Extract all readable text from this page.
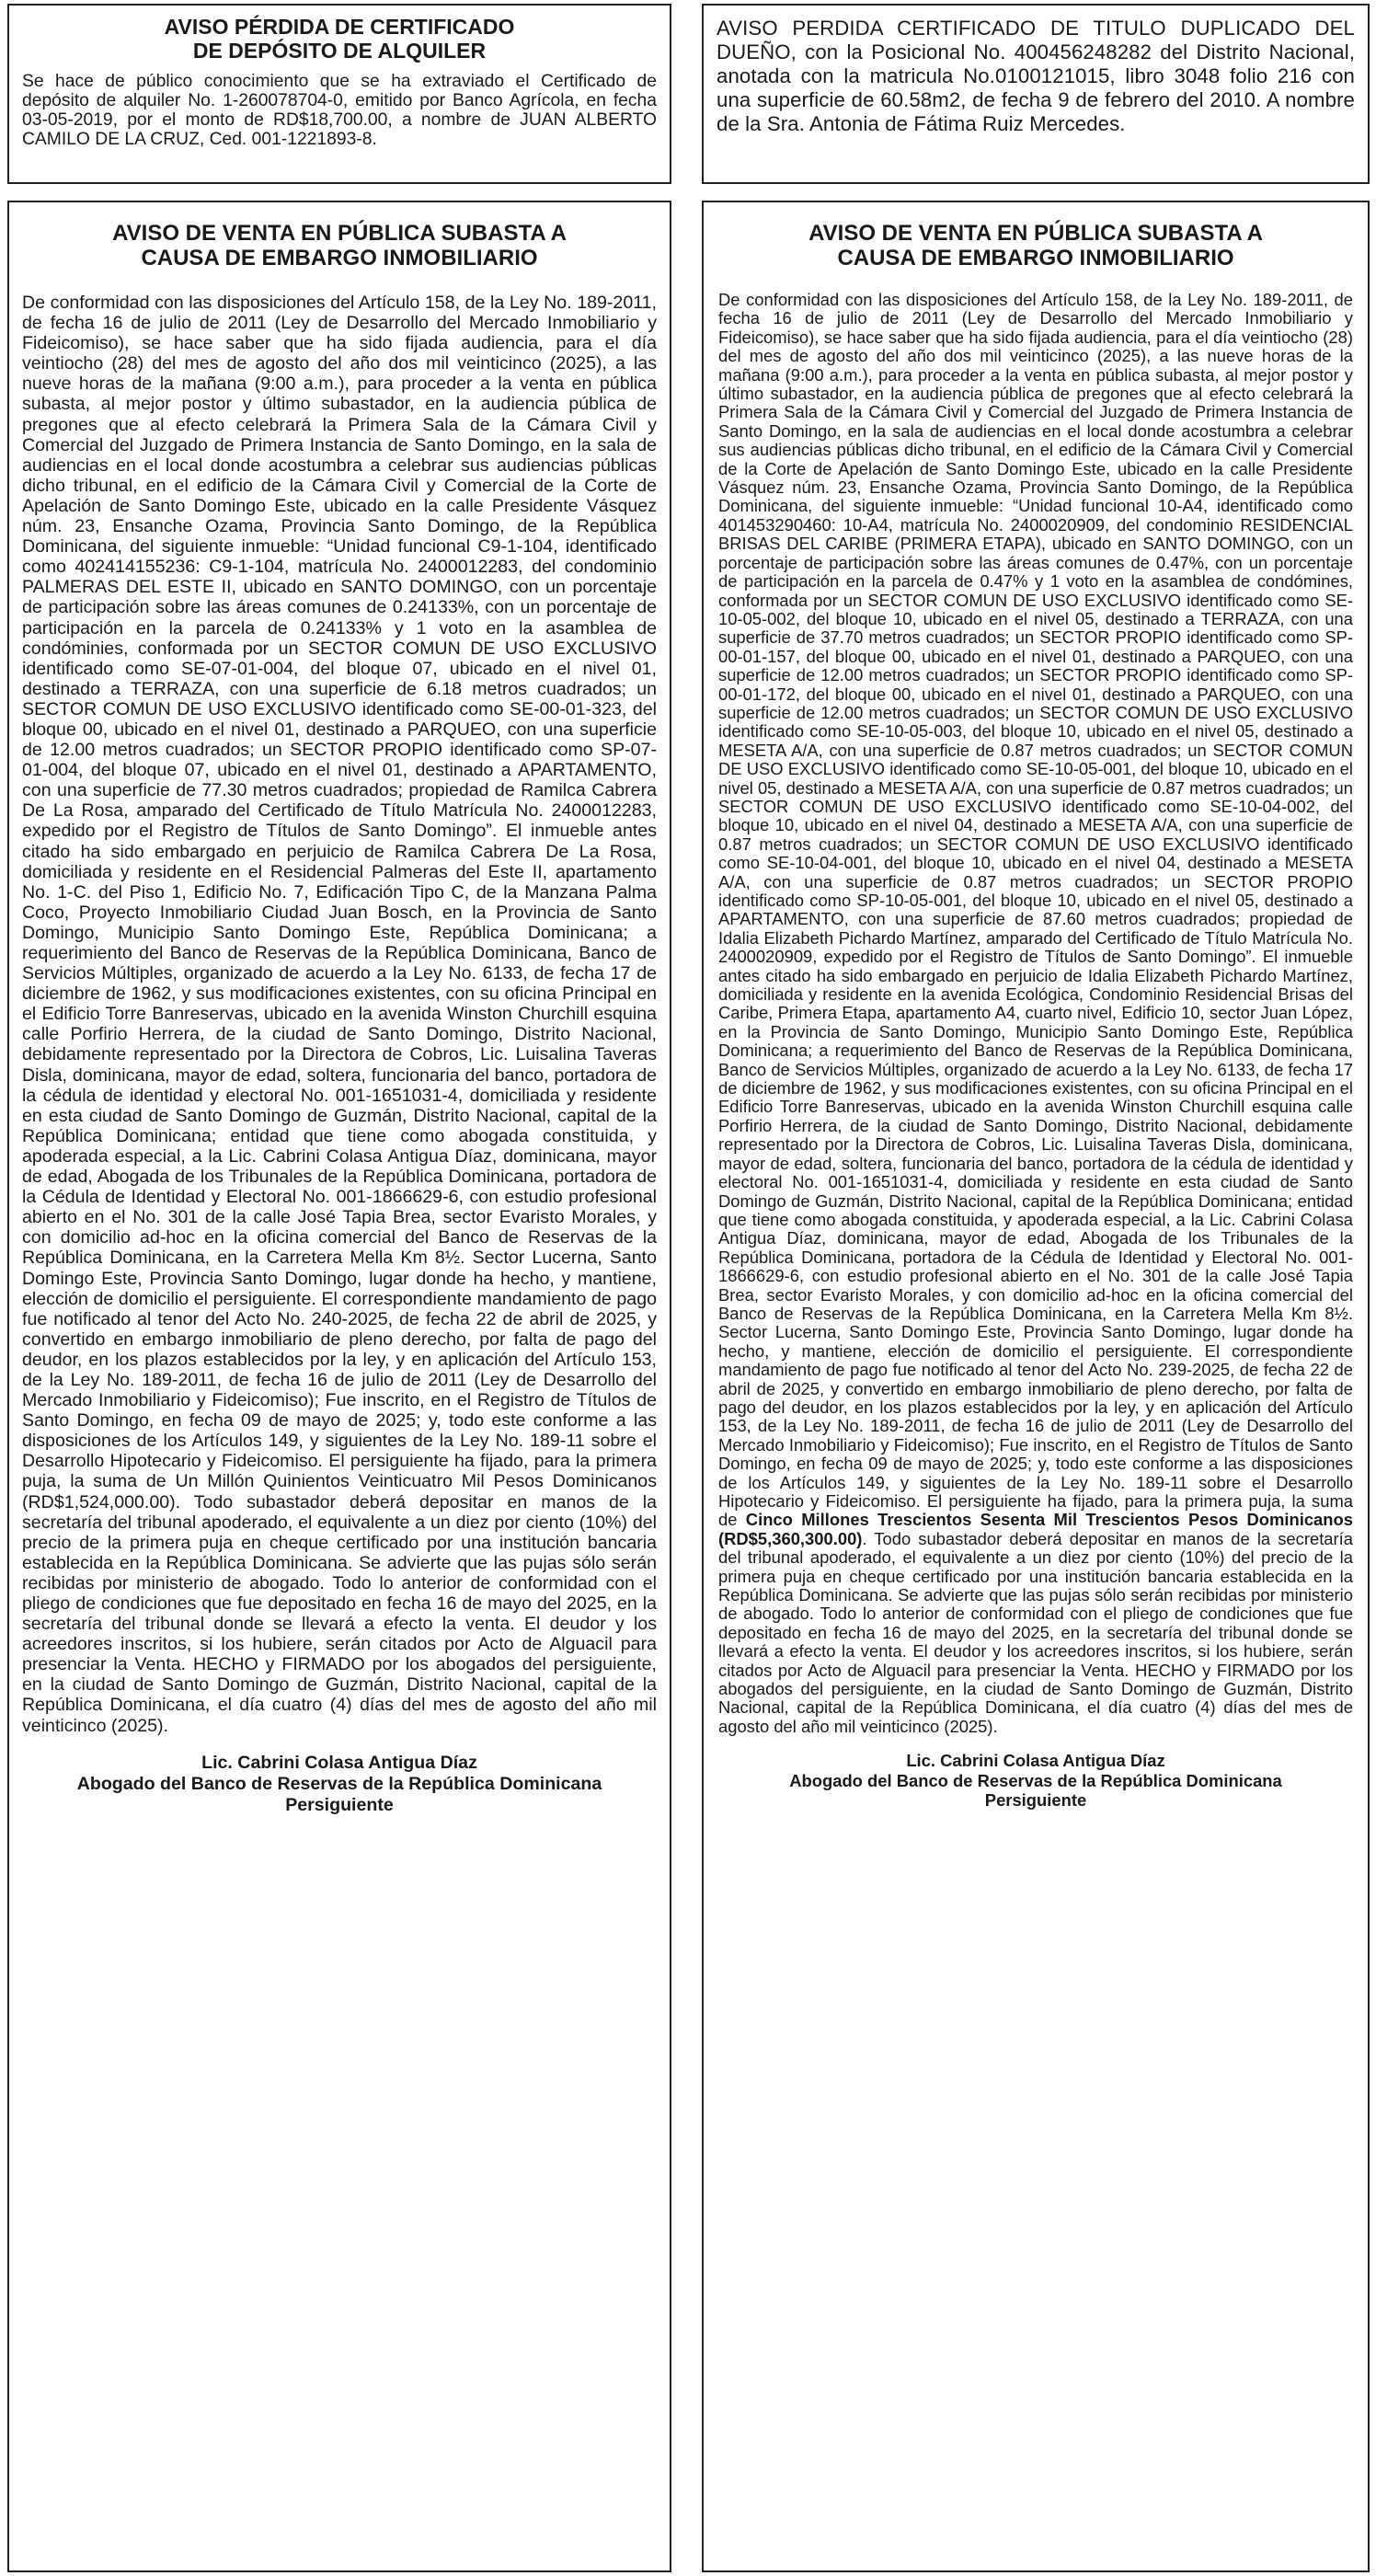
AVISO PÉRDIDA DE CERTIFICADO
DE DEPÓSITO DE ALQUILER

Se hace de público conocimiento que se ha extraviado el Certificado de depósito de alquiler No. 1-260078704-0, emitido por Banco Agrícola, en fecha 03-05-2019, por el monto de RD$18,700.00, a nombre de JUAN ALBERTO CAMILO DE LA CRUZ, Ced. 001-1221893-8.

AVISO PERDIDA CERTIFICADO DE TITULO DUPLICADO DEL DUEÑO, con la Posicional No. 400456248282 del Distrito Nacional, anotada con la matricula No.0100121015, libro 3048 folio 216 con una superficie de 60.58m2, de fecha 9 de febrero del 2010. A nombre de la Sra. Antonia de Fátima Ruiz Mercedes.

AVISO DE VENTA EN PÚBLICA SUBASTA A
CAUSA DE EMBARGO INMOBILIARIO

De conformidad con las disposiciones del Artículo 158, de la Ley No. 189-2011, de fecha 16 de julio de 2011 (Ley de Desarrollo del Mercado Inmobiliario y Fideicomiso), se hace saber que ha sido fijada audiencia, para el día veintiocho (28) del mes de agosto del año dos mil veinticinco (2025), a las nueve horas de la mañana (9:00 a.m.), para proceder a la venta en pública subasta, al mejor postor y último subastador, en la audiencia pública de pregones que al efecto celebrará la Primera Sala de la Cámara Civil y Comercial del Juzgado de Primera Instancia de Santo Domingo, en la sala de audiencias en el local donde acostumbra a celebrar sus audiencias públicas dicho tribunal, en el edificio de la Cámara Civil y Comercial de la Corte de Apelación de Santo Domingo Este, ubicado en la calle Presidente Vásquez núm. 23, Ensanche Ozama, Provincia Santo Domingo, de la República Dominicana, del siguiente inmueble: “Unidad funcional C9-1-104, identificado como 402414155236: C9-1-104, matrícula No. 2400012283, del condominio PALMERAS DEL ESTE II, ubicado en SANTO DOMINGO, con un porcentaje de participación sobre las áreas comunes de 0.24133%, con un porcentaje de participación en la parcela de 0.24133% y 1 voto en la asamblea de condóminies, conformada por un SECTOR COMUN DE USO EXCLUSIVO identificado como SE-07-01-004, del bloque 07, ubicado en el nivel 01, destinado a TERRAZA, con una superficie de 6.18 metros cuadrados; un SECTOR COMUN DE USO EXCLUSIVO identificado como SE-00-01-323, del bloque 00, ubicado en el nivel 01, destinado a PARQUEO, con una superficie de 12.00 metros cuadrados; un SECTOR PROPIO identificado como SP-07-01-004, del bloque 07, ubicado en el nivel 01, destinado a APARTAMENTO, con una superficie de 77.30 metros cuadrados; propiedad de Ramilca Cabrera De La Rosa, amparado del Certificado de Título Matrícula No. 2400012283, expedido por el Registro de Títulos de Santo Domingo”. El inmueble antes citado ha sido embargado en perjuicio de Ramilca Cabrera De La Rosa, domiciliada y residente en el Residencial Palmeras del Este II, apartamento No. 1-C. del Piso 1, Edificio No. 7, Edificación Tipo C, de la Manzana Palma Coco, Proyecto Inmobiliario Ciudad Juan Bosch, en la Provincia de Santo Domingo, Municipio Santo Domingo Este, República Dominicana; a requerimiento del Banco de Reservas de la República Dominicana, Banco de Servicios Múltiples, organizado de acuerdo a la Ley No. 6133, de fecha 17 de diciembre de 1962, y sus modificaciones existentes, con su oficina Principal en el Edificio Torre Banreservas, ubicado en la avenida Winston Churchill esquina calle Porfirio Herrera, de la ciudad de Santo Domingo, Distrito Nacional, debidamente representado por la Directora de Cobros, Lic. Luisalina Taveras Disla, dominicana, mayor de edad, soltera, funcionaria del banco, portadora de la cédula de identidad y electoral No. 001-1651031-4, domiciliada y residente en esta ciudad de Santo Domingo de Guzmán, Distrito Nacional, capital de la República Dominicana; entidad que tiene como abogada constituida, y apoderada especial, a la Lic. Cabrini Colasa Antigua Díaz, dominicana, mayor de edad, Abogada de los Tribunales de la República Dominicana, portadora de la Cédula de Identidad y Electoral No. 001-1866629-6, con estudio profesional abierto en el No. 301 de la calle José Tapia Brea, sector Evaristo Morales, y con domicilio ad-hoc en la oficina comercial del Banco de Reservas de la República Dominicana, en la Carretera Mella Km 8½. Sector Lucerna, Santo Domingo Este, Provincia Santo Domingo, lugar donde ha hecho, y mantiene, elección de domicilio el persiguiente. El correspondiente mandamiento de pago fue notificado al tenor del Acto No. 240-2025, de fecha 22 de abril de 2025, y convertido en embargo inmobiliario de pleno derecho, por falta de pago del deudor, en los plazos establecidos por la ley, y en aplicación del Artículo 153, de la Ley No. 189-2011, de fecha 16 de julio de 2011 (Ley de Desarrollo del Mercado Inmobiliario y Fideicomiso); Fue inscrito, en el Registro de Títulos de Santo Domingo, en fecha 09 de mayo de 2025; y, todo este conforme a las disposiciones de los Artículos 149, y siguientes de la Ley No. 189-11 sobre el Desarrollo Hipotecario y Fideicomiso. El persiguiente ha fijado, para la primera puja, la suma de Un Millón Quinientos Veinticuatro Mil Pesos Dominicanos (RD$1,524,000.00). Todo subastador deberá depositar en manos de la secretaría del tribunal apoderado, el equivalente a un diez por ciento (10%) del precio de la primera puja en cheque certificado por una institución bancaria establecida en la República Dominicana. Se advierte que las pujas sólo serán recibidas por ministerio de abogado. Todo lo anterior de conformidad con el pliego de condiciones que fue depositado en fecha 16 de mayo del 2025, en la secretaría del tribunal donde se llevará a efecto la venta. El deudor y los acreedores inscritos, si los hubiere, serán citados por Acto de Alguacil para presenciar la Venta. HECHO y FIRMADO por los abogados del persiguiente, en la ciudad de Santo Domingo de Guzmán, Distrito Nacional, capital de la República Dominicana, el día cuatro (4) días del mes de agosto del año mil veinticinco (2025).

Lic. Cabrini Colasa Antigua Díaz
Abogado del Banco de Reservas de la República Dominicana
Persiguiente

AVISO DE VENTA EN PÚBLICA SUBASTA A
CAUSA DE EMBARGO INMOBILIARIO

De conformidad con las disposiciones del Artículo 158, de la Ley No. 189-2011, de fecha 16 de julio de 2011 (Ley de Desarrollo del Mercado Inmobiliario y Fideicomiso), se hace saber que ha sido fijada audiencia, para el día veintiocho (28) del mes de agosto del año dos mil veinticinco (2025), a las nueve horas de la mañana (9:00 a.m.), para proceder a la venta en pública subasta, al mejor postor y último subastador, en la audiencia pública de pregones que al efecto celebrará la Primera Sala de la Cámara Civil y Comercial del Juzgado de Primera Instancia de Santo Domingo, en la sala de audiencias en el local donde acostumbra a celebrar sus audiencias públicas dicho tribunal, en el edificio de la Cámara Civil y Comercial de la Corte de Apelación de Santo Domingo Este, ubicado en la calle Presidente Vásquez núm. 23, Ensanche Ozama, Provincia Santo Domingo, de la República Dominicana, del siguiente inmueble: “Unidad funcional 10-A4, identificado como 401453290460: 10-A4, matrícula No. 2400020909, del condominio RESIDENCIAL BRISAS DEL CARIBE (PRIMERA ETAPA), ubicado en SANTO DOMINGO, con un porcentaje de participación sobre las áreas comunes de 0.47%, con un porcentaje de participación en la parcela de 0.47% y 1 voto en la asamblea de condómines, conformada por un SECTOR COMUN DE USO EXCLUSIVO identificado como SE-10-05-002, del bloque 10, ubicado en el nivel 05, destinado a TERRAZA, con una superficie de 37.70 metros cuadrados; un SECTOR PROPIO identificado como SP-00-01-157, del bloque 00, ubicado en el nivel 01, destinado a PARQUEO, con una superficie de 12.00 metros cuadrados; un SECTOR PROPIO identificado como SP-00-01-172, del bloque 00, ubicado en el nivel 01, destinado a PARQUEO, con una superficie de 12.00 metros cuadrados; un SECTOR COMUN DE USO EXCLUSIVO identificado como SE-10-05-003, del bloque 10, ubicado en el nivel 05, destinado a MESETA A/A, con una superficie de 0.87 metros cuadrados; un SECTOR COMUN DE USO EXCLUSIVO identificado como SE-10-05-001, del bloque 10, ubicado en el nivel 05, destinado a MESETA A/A, con una superficie de 0.87 metros cuadrados; un SECTOR COMUN DE USO EXCLUSIVO identificado como SE-10-04-002, del bloque 10, ubicado en el nivel 04, destinado a MESETA A/A, con una superficie de 0.87 metros cuadrados; un SECTOR COMUN DE USO EXCLUSIVO identificado como SE-10-04-001, del bloque 10, ubicado en el nivel 04, destinado a MESETA A/A, con una superficie de 0.87 metros cuadrados; un SECTOR PROPIO identificado como SP-10-05-001, del bloque 10, ubicado en el nivel 05, destinado a APARTAMENTO, con una superficie de 87.60 metros cuadrados; propiedad de Idalia Elizabeth Pichardo Martínez, amparado del Certificado de Título Matrícula No. 2400020909, expedido por el Registro de Títulos de Santo Domingo”. El inmueble antes citado ha sido embargado en perjuicio de Idalia Elizabeth Pichardo Martínez, domiciliada y residente en la avenida Ecológica, Condominio Residencial Brisas del Caribe, Primera Etapa, apartamento A4, cuarto nivel, Edificio 10, sector Juan López, en la Provincia de Santo Domingo, Municipio Santo Domingo Este, República Dominicana; a requerimiento del Banco de Reservas de la República Dominicana, Banco de Servicios Múltiples, organizado de acuerdo a la Ley No. 6133, de fecha 17 de diciembre de 1962, y sus modificaciones existentes, con su oficina Principal en el Edificio Torre Banreservas, ubicado en la avenida Winston Churchill esquina calle Porfirio Herrera, de la ciudad de Santo Domingo, Distrito Nacional, debidamente representado por la Directora de Cobros, Lic. Luisalina Taveras Disla, dominicana, mayor de edad, soltera, funcionaria del banco, portadora de la cédula de identidad y electoral No. 001-1651031-4, domiciliada y residente en esta ciudad de Santo Domingo de Guzmán, Distrito Nacional, capital de la República Dominicana; entidad que tiene como abogada constituida, y apoderada especial, a la Lic. Cabrini Colasa Antigua Díaz, dominicana, mayor de edad, Abogada de los Tribunales de la República Dominicana, portadora de la Cédula de Identidad y Electoral No. 001-1866629-6, con estudio profesional abierto en el No. 301 de la calle José Tapia Brea, sector Evaristo Morales, y con domicilio ad-hoc en la oficina comercial del Banco de Reservas de la República Dominicana, en la Carretera Mella Km 8½. Sector Lucerna, Santo Domingo Este, Provincia Santo Domingo, lugar donde ha hecho, y mantiene, elección de domicilio el persiguiente. El correspondiente mandamiento de pago fue notificado al tenor del Acto No. 239-2025, de fecha 22 de abril de 2025, y convertido en embargo inmobiliario de pleno derecho, por falta de pago del deudor, en los plazos establecidos por la ley, y en aplicación del Artículo 153, de la Ley No. 189-2011, de fecha 16 de julio de 2011 (Ley de Desarrollo del Mercado Inmobiliario y Fideicomiso); Fue inscrito, en el Registro de Títulos de Santo Domingo, en fecha 09 de mayo de 2025; y, todo este conforme a las disposiciones de los Artículos 149, y siguientes de la Ley No. 189-11 sobre el Desarrollo Hipotecario y Fideicomiso. El persiguiente ha fijado, para la primera puja, la suma de Cinco Millones Trescientos Sesenta Mil Trescientos Pesos Dominicanos (RD$5,360,300.00). Todo subastador deberá depositar en manos de la secretaría del tribunal apoderado, el equivalente a un diez por ciento (10%) del precio de la primera puja en cheque certificado por una institución bancaria establecida en la República Dominicana. Se advierte que las pujas sólo serán recibidas por ministerio de abogado. Todo lo anterior de conformidad con el pliego de condiciones que fue depositado en fecha 16 de mayo del 2025, en la secretaría del tribunal donde se llevará a efecto la venta. El deudor y los acreedores inscritos, si los hubiere, serán citados por Acto de Alguacil para presenciar la Venta. HECHO y FIRMADO por los abogados del persiguiente, en la ciudad de Santo Domingo de Guzmán, Distrito Nacional, capital de la República Dominicana, el día cuatro (4) días del mes de agosto del año mil veinticinco (2025).

Lic. Cabrini Colasa Antigua Díaz
Abogado del Banco de Reservas de la República Dominicana
Persiguiente
